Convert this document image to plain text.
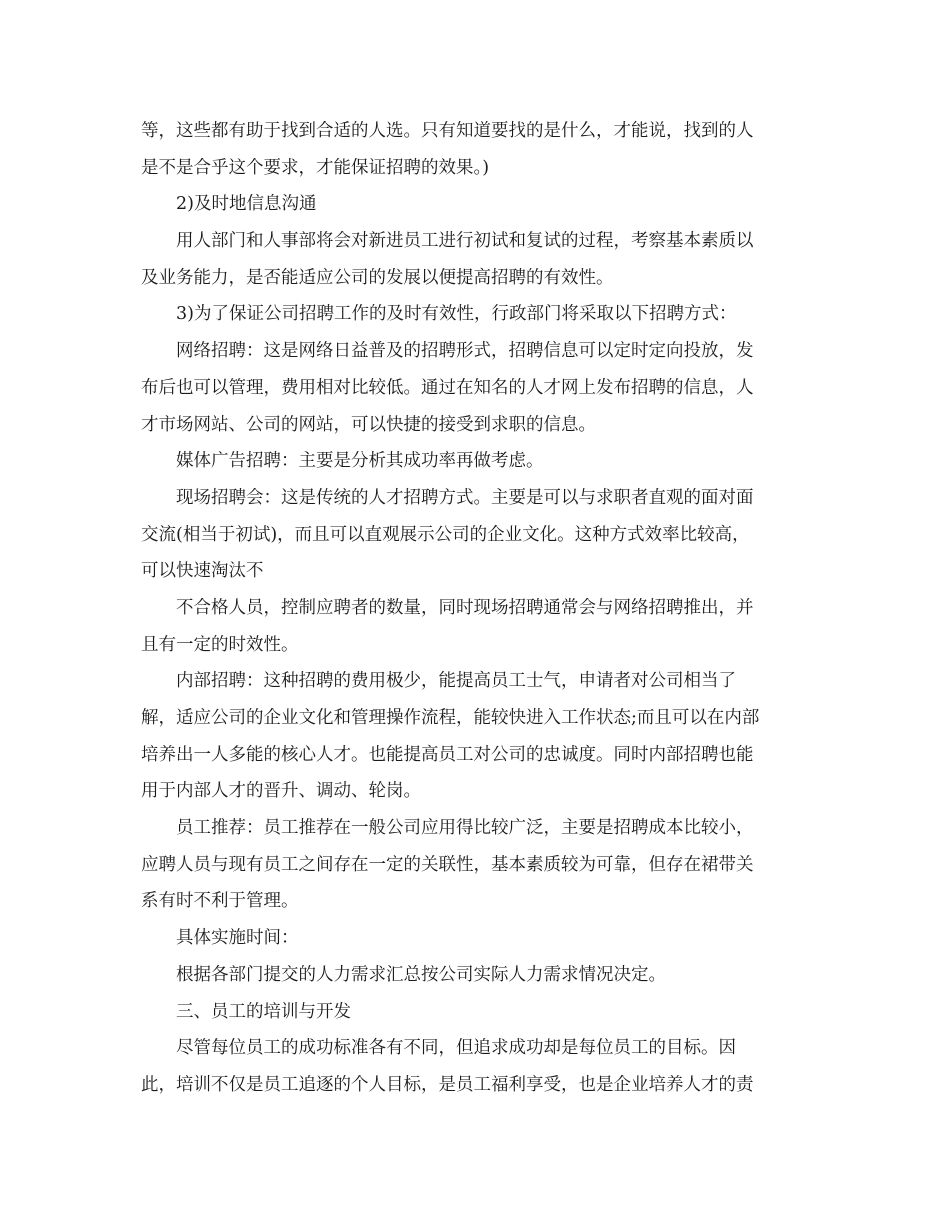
等，这些都有助于找到合适的人选。只有知道要找的是什么，才能说，找到的人
是不是合乎这个要求，才能保证招聘的效果。)
2)及时地信息沟通
用人部门和人事部将会对新进员工进行初试和复试的过程，考察基本素质以
及业务能力，是否能适应公司的发展以便提高招聘的有效性。
3)为了保证公司招聘工作的及时有效性，行政部门将采取以下招聘方式：
网络招聘：这是网络日益普及的招聘形式，招聘信息可以定时定向投放，发
布后也可以管理，费用相对比较低。通过在知名的人才网上发布招聘的信息，人
才市场网站、公司的网站，可以快捷的接受到求职的信息。
媒体广告招聘：主要是分析其成功率再做考虑。
现场招聘会：这是传统的人才招聘方式。主要是可以与求职者直观的面对面
交流(相当于初试)，而且可以直观展示公司的企业文化。这种方式效率比较高，
可以快速淘汰不
不合格人员，控制应聘者的数量，同时现场招聘通常会与网络招聘推出，并
且有一定的时效性。
内部招聘：这种招聘的费用极少，能提高员工士气，申请者对公司相当了
解，适应公司的企业文化和管理操作流程，能较快进入工作状态;而且可以在内部
培养出一人多能的核心人才。也能提高员工对公司的忠诚度。同时内部招聘也能
用于内部人才的晋升、调动、轮岗。
员工推荐：员工推荐在一般公司应用得比较广泛，主要是招聘成本比较小，
应聘人员与现有员工之间存在一定的关联性，基本素质较为可靠，但存在裙带关
系有时不利于管理。
具体实施时间：
根据各部门提交的人力需求汇总按公司实际人力需求情况决定。
三、员工的培训与开发
尽管每位员工的成功标准各有不同，但追求成功却是每位员工的目标。因
此，培训不仅是员工追逐的个人目标，是员工福利享受，也是企业培养人才的责
